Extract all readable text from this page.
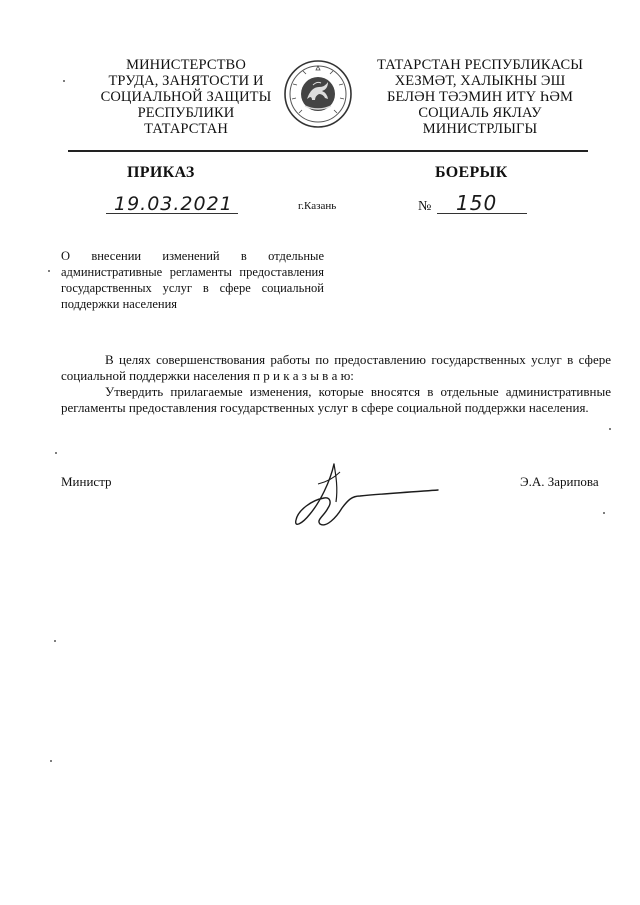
МИНИСТЕРСТВО
ТРУДА, ЗАНЯТОСТИ И
СОЦИАЛЬНОЙ ЗАЩИТЫ
РЕСПУБЛИКИ
ТАТАРСТАН
ТАТАРСТАН РЕСПУБЛИКАСЫ
ХЕЗМӘТ, ХАЛЫКНЫ ЭШ
БЕЛӘН ТӘЭМИН ИТҮ ҺӘМ
СОЦИАЛЬ ЯКЛАУ
МИНИСТРЛЫГЫ
ПРИКАЗ	БОЕРЫК
19.03.2021	г.Казань	№ 150
О внесении изменений в отдельные административные регламенты предоставления государственных услуг в сфере социальной поддержки населения
В целях совершенствования работы по предоставлению государственных услуг в сфере социальной поддержки населения п р и к а з ы в а ю:
Утвердить прилагаемые изменения, которые вносятся в отдельные административные регламенты предоставления государственных услуг в сфере социальной поддержки населения.
Министр	Э.А. Зарипова
